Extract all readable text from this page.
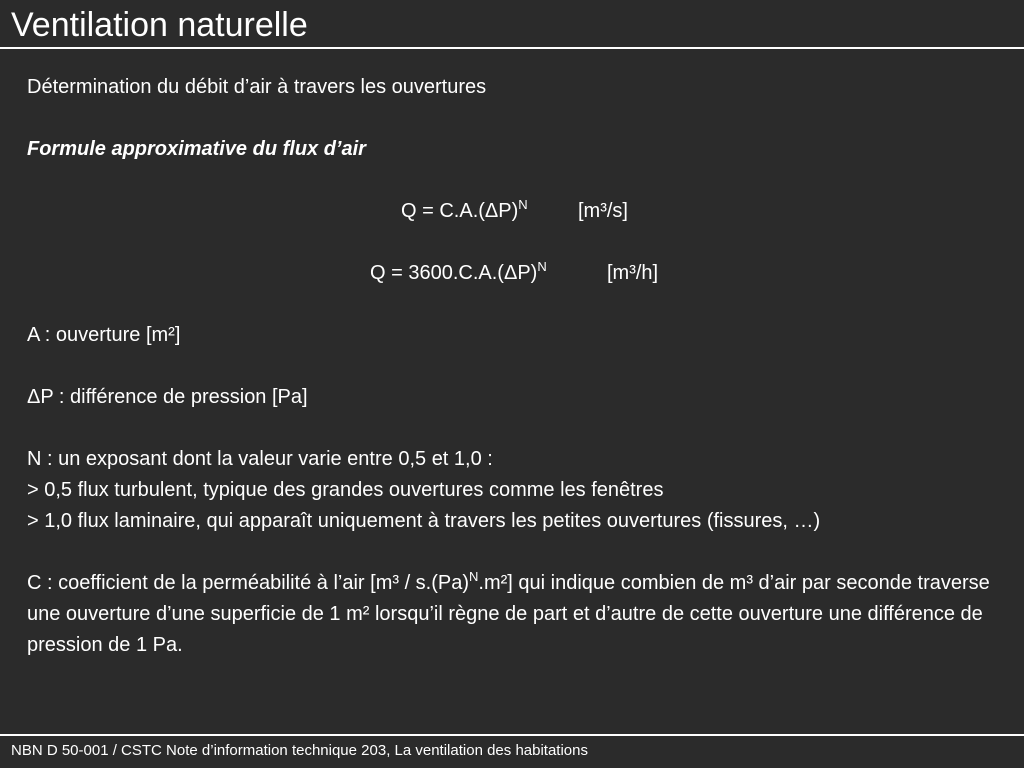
Ventilation naturelle

Détermination du débit d’air à travers les ouvertures

Formule approximative du flux d’air

$Q = C.A.(\Delta P)^N$	[m³/s]
$Q = 3600.C.A.(\Delta P)^N$	[m³/h]

A : ouverture [m²]

ΔP : différence de pression [Pa]

N : un exposant dont la valeur varie entre 0,5 et 1,0 :

> 0,5 flux turbulent, typique des grandes ouvertures comme les fenêtres

> 1,0 flux laminaire, qui apparaît uniquement à travers les petites ouvertures (fissures, …)

C : coefficient de la perméabilité à l’air $[m^3 / s.(Pa)^N.m^2]$ qui indique combien de m³ d’air par seconde traverse une ouverture d’une superficie de 1 m² lorsqu’il règne de part et d’autre de cette ouverture une différence de pression de 1 Pa.

NBN D 50-001 / CSTC Note d’information technique 203, La ventilation des habitations
